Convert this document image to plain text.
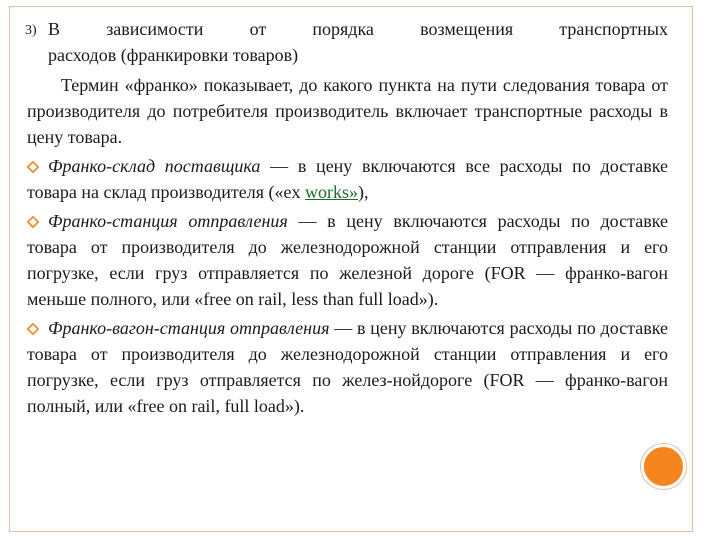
3) В зависимости от порядка возмещения транспортных
расходов (франкировки товаров)
Термин «франко» показывает, до какого пункта на пути следования товара от производителя до потребителя производитель включает транспортные расходы в цену товара.
Франко-склад поставщика — в цену включаются все расходы по доставке товара на склад производителя («ex works»),
Франко-станция отправления — в цену включаются расходы по доставке товара от производителя до железнодорожной станции отправления и его погрузке, если груз отправляется по железной дороге (FOR — франко-вагон меньше полного, или «free on rail, less than full load»).
Франко-вагон-станция отправления — в цену включаются расходы по доставке товара от производителя до железнодорожной станции отправления и его погрузке, если груз отправляется по желез-нойдороге (FOR — франко-вагон полный, или «free on rail, full load»).
